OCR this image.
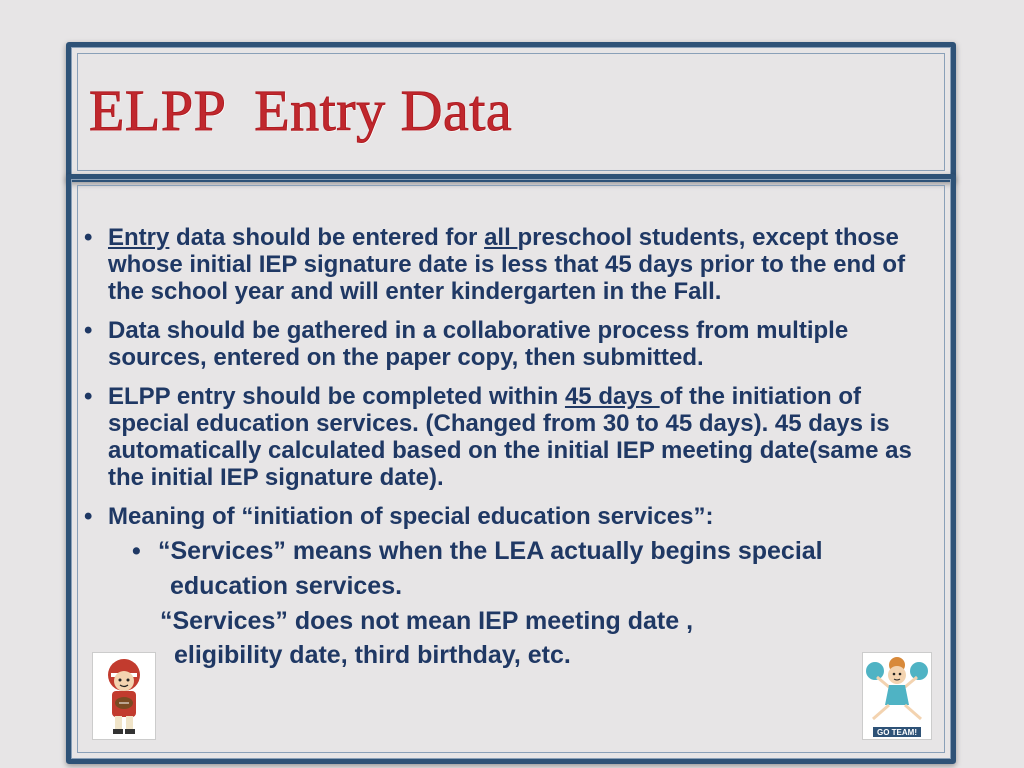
ELPP  Entry Data
• Entry data should be entered for all preschool students, except those whose initial IEP signature date is less that 45 days prior to the end of the school year and will enter kindergarten in the Fall.
• Data should be gathered in a collaborative process from multiple sources, entered on the paper copy, then submitted.
• ELPP entry should be completed within 45 days of the initiation of special education services. (Changed from 30 to 45 days). 45 days is automatically calculated based on the initial IEP meeting date(same as the initial IEP signature date).
• Meaning of “initiation of special education services”:
• “Services” means when the LEA actually begins special
education services.
“Services” does not mean IEP meeting date ,
eligibility date, third birthday, etc.
GO TEAM!
